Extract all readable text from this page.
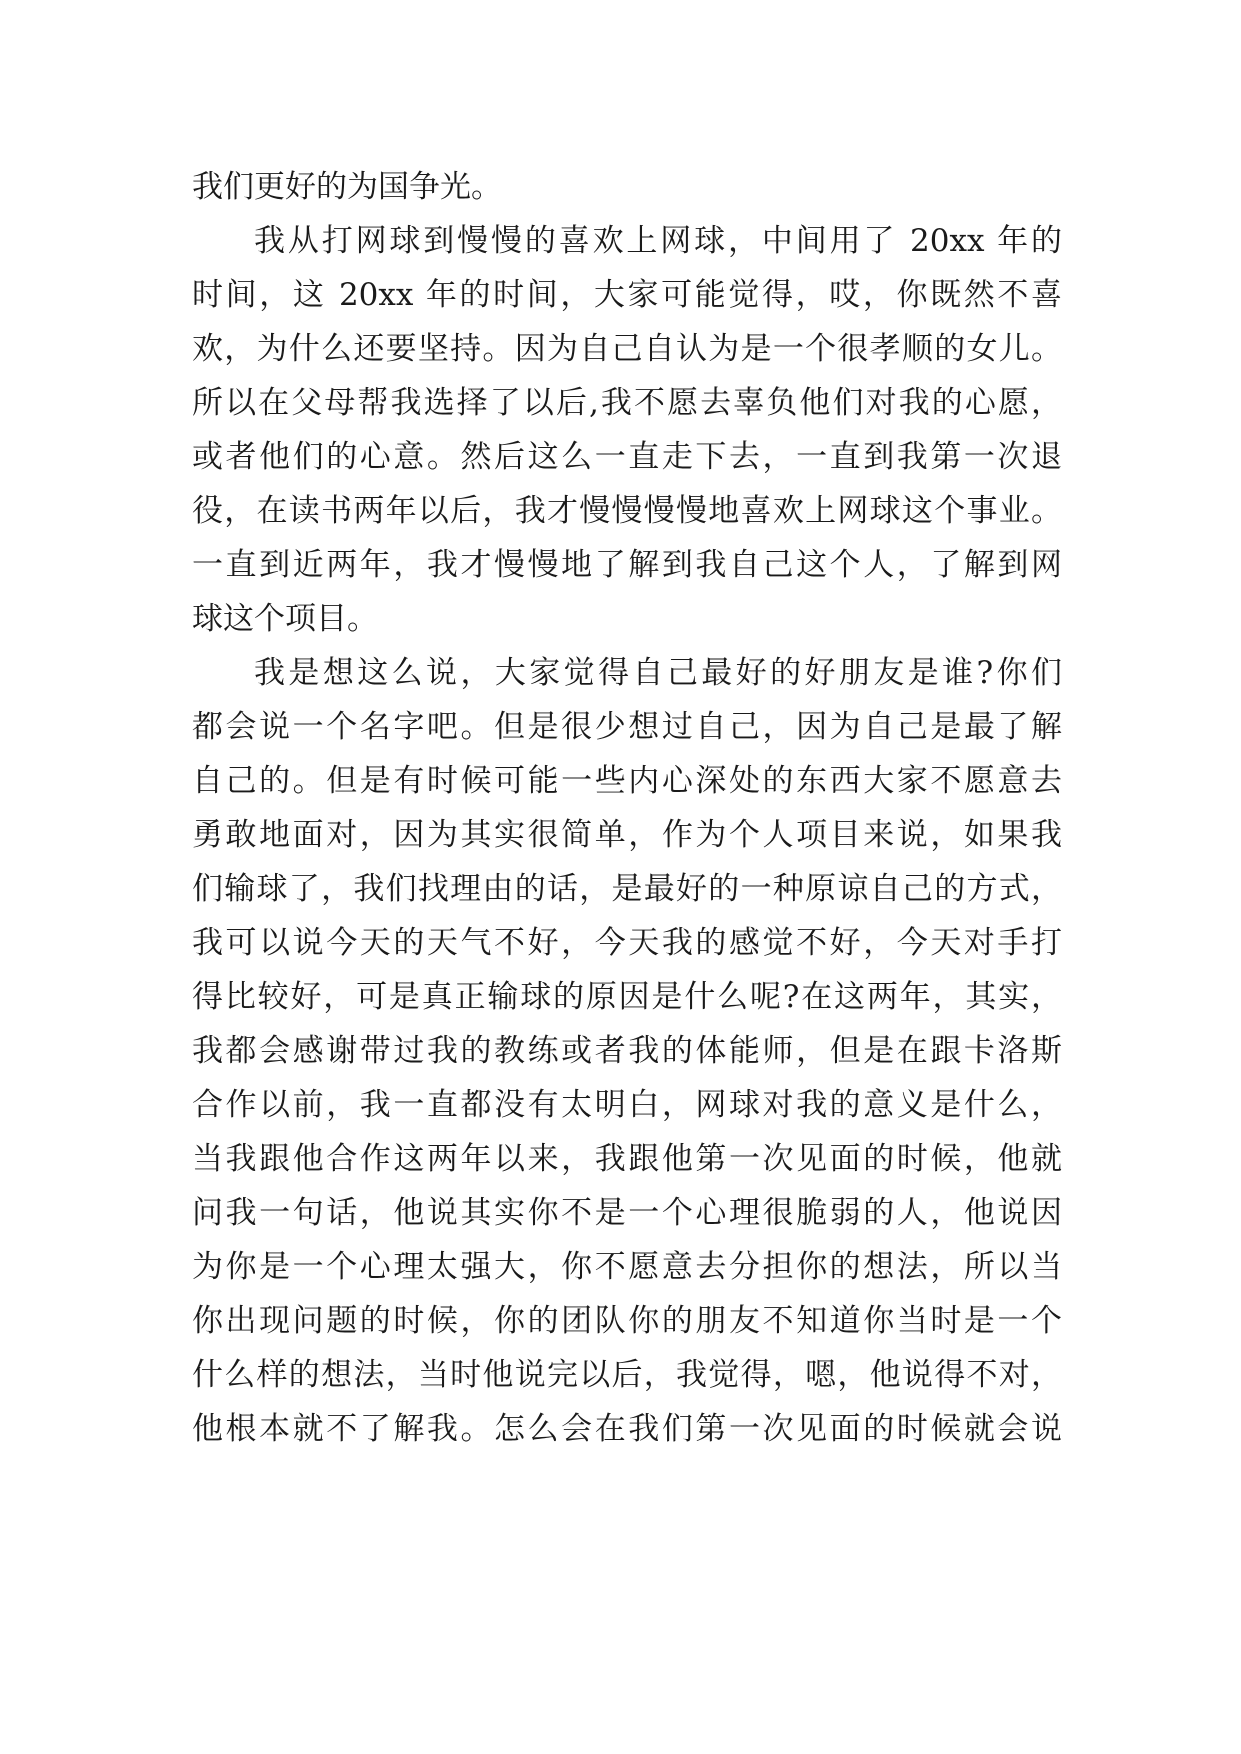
我们更好的为国争光。
我从打网球到慢慢的喜欢上网球，中间用了 20xx 年的
时间，这 20xx 年的时间，大家可能觉得，哎，你既然不喜
欢，为什么还要坚持。因为自己自认为是一个很孝顺的女儿。
所以在父母帮我选择了以后,我不愿去辜负他们对我的心愿，
或者他们的心意。然后这么一直走下去，一直到我第一次退
役，在读书两年以后，我才慢慢慢慢地喜欢上网球这个事业。
一直到近两年，我才慢慢地了解到我自己这个人，了解到网
球这个项目。
我是想这么说，大家觉得自己最好的好朋友是谁?你们
都会说一个名字吧。但是很少想过自己，因为自己是最了解
自己的。但是有时候可能一些内心深处的东西大家不愿意去
勇敢地面对，因为其实很简单，作为个人项目来说，如果我
们输球了，我们找理由的话，是最好的一种原谅自己的方式，
我可以说今天的天气不好，今天我的感觉不好，今天对手打
得比较好，可是真正输球的原因是什么呢?在这两年，其实，
我都会感谢带过我的教练或者我的体能师，但是在跟卡洛斯
合作以前，我一直都没有太明白，网球对我的意义是什么，
当我跟他合作这两年以来，我跟他第一次见面的时候，他就
问我一句话，他说其实你不是一个心理很脆弱的人，他说因
为你是一个心理太强大，你不愿意去分担你的想法，所以当
你出现问题的时候，你的团队你的朋友不知道你当时是一个
什么样的想法，当时他说完以后，我觉得，嗯，他说得不对，
他根本就不了解我。怎么会在我们第一次见面的时候就会说
